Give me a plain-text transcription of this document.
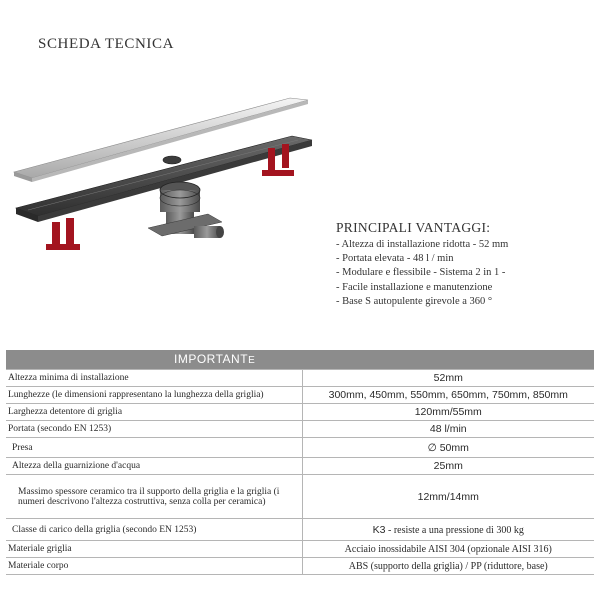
SCHEDA TECNICA
PRINCIPALI VANTAGGI:
- Altezza di installazione ridotta - 52 mm
- Portata elevata - 48 l / min
- Modulare e flessibile - Sistema 2 in 1 -
- Facile installazione e manutenzione
- Base S autopulente girevole a 360 °
IMPORTANTE
Altezza minima di installazione	52mm
Lunghezze (le dimensioni rappresentano la lunghezza della griglia)	300mm, 450mm, 550mm, 650mm, 750mm, 850mm
Larghezza detentore di griglia	120mm/55mm
Portata (secondo EN 1253)	48 l/min
Presa	∅ 50mm
Altezza della guarnizione d'acqua	25mm
Massimo spessore ceramico tra il supporto della griglia e la griglia (i numeri descrivono l'altezza costruttiva, senza colla per ceramica)	12mm/14mm
Classe di carico della griglia (secondo EN 1253)	K3 - resiste a una pressione di 300 kg
Materiale griglia	Acciaio inossidabile AISI 304 (opzionale AISI 316)
Materiale corpo	ABS (supporto della griglia) / PP (riduttore, base)
